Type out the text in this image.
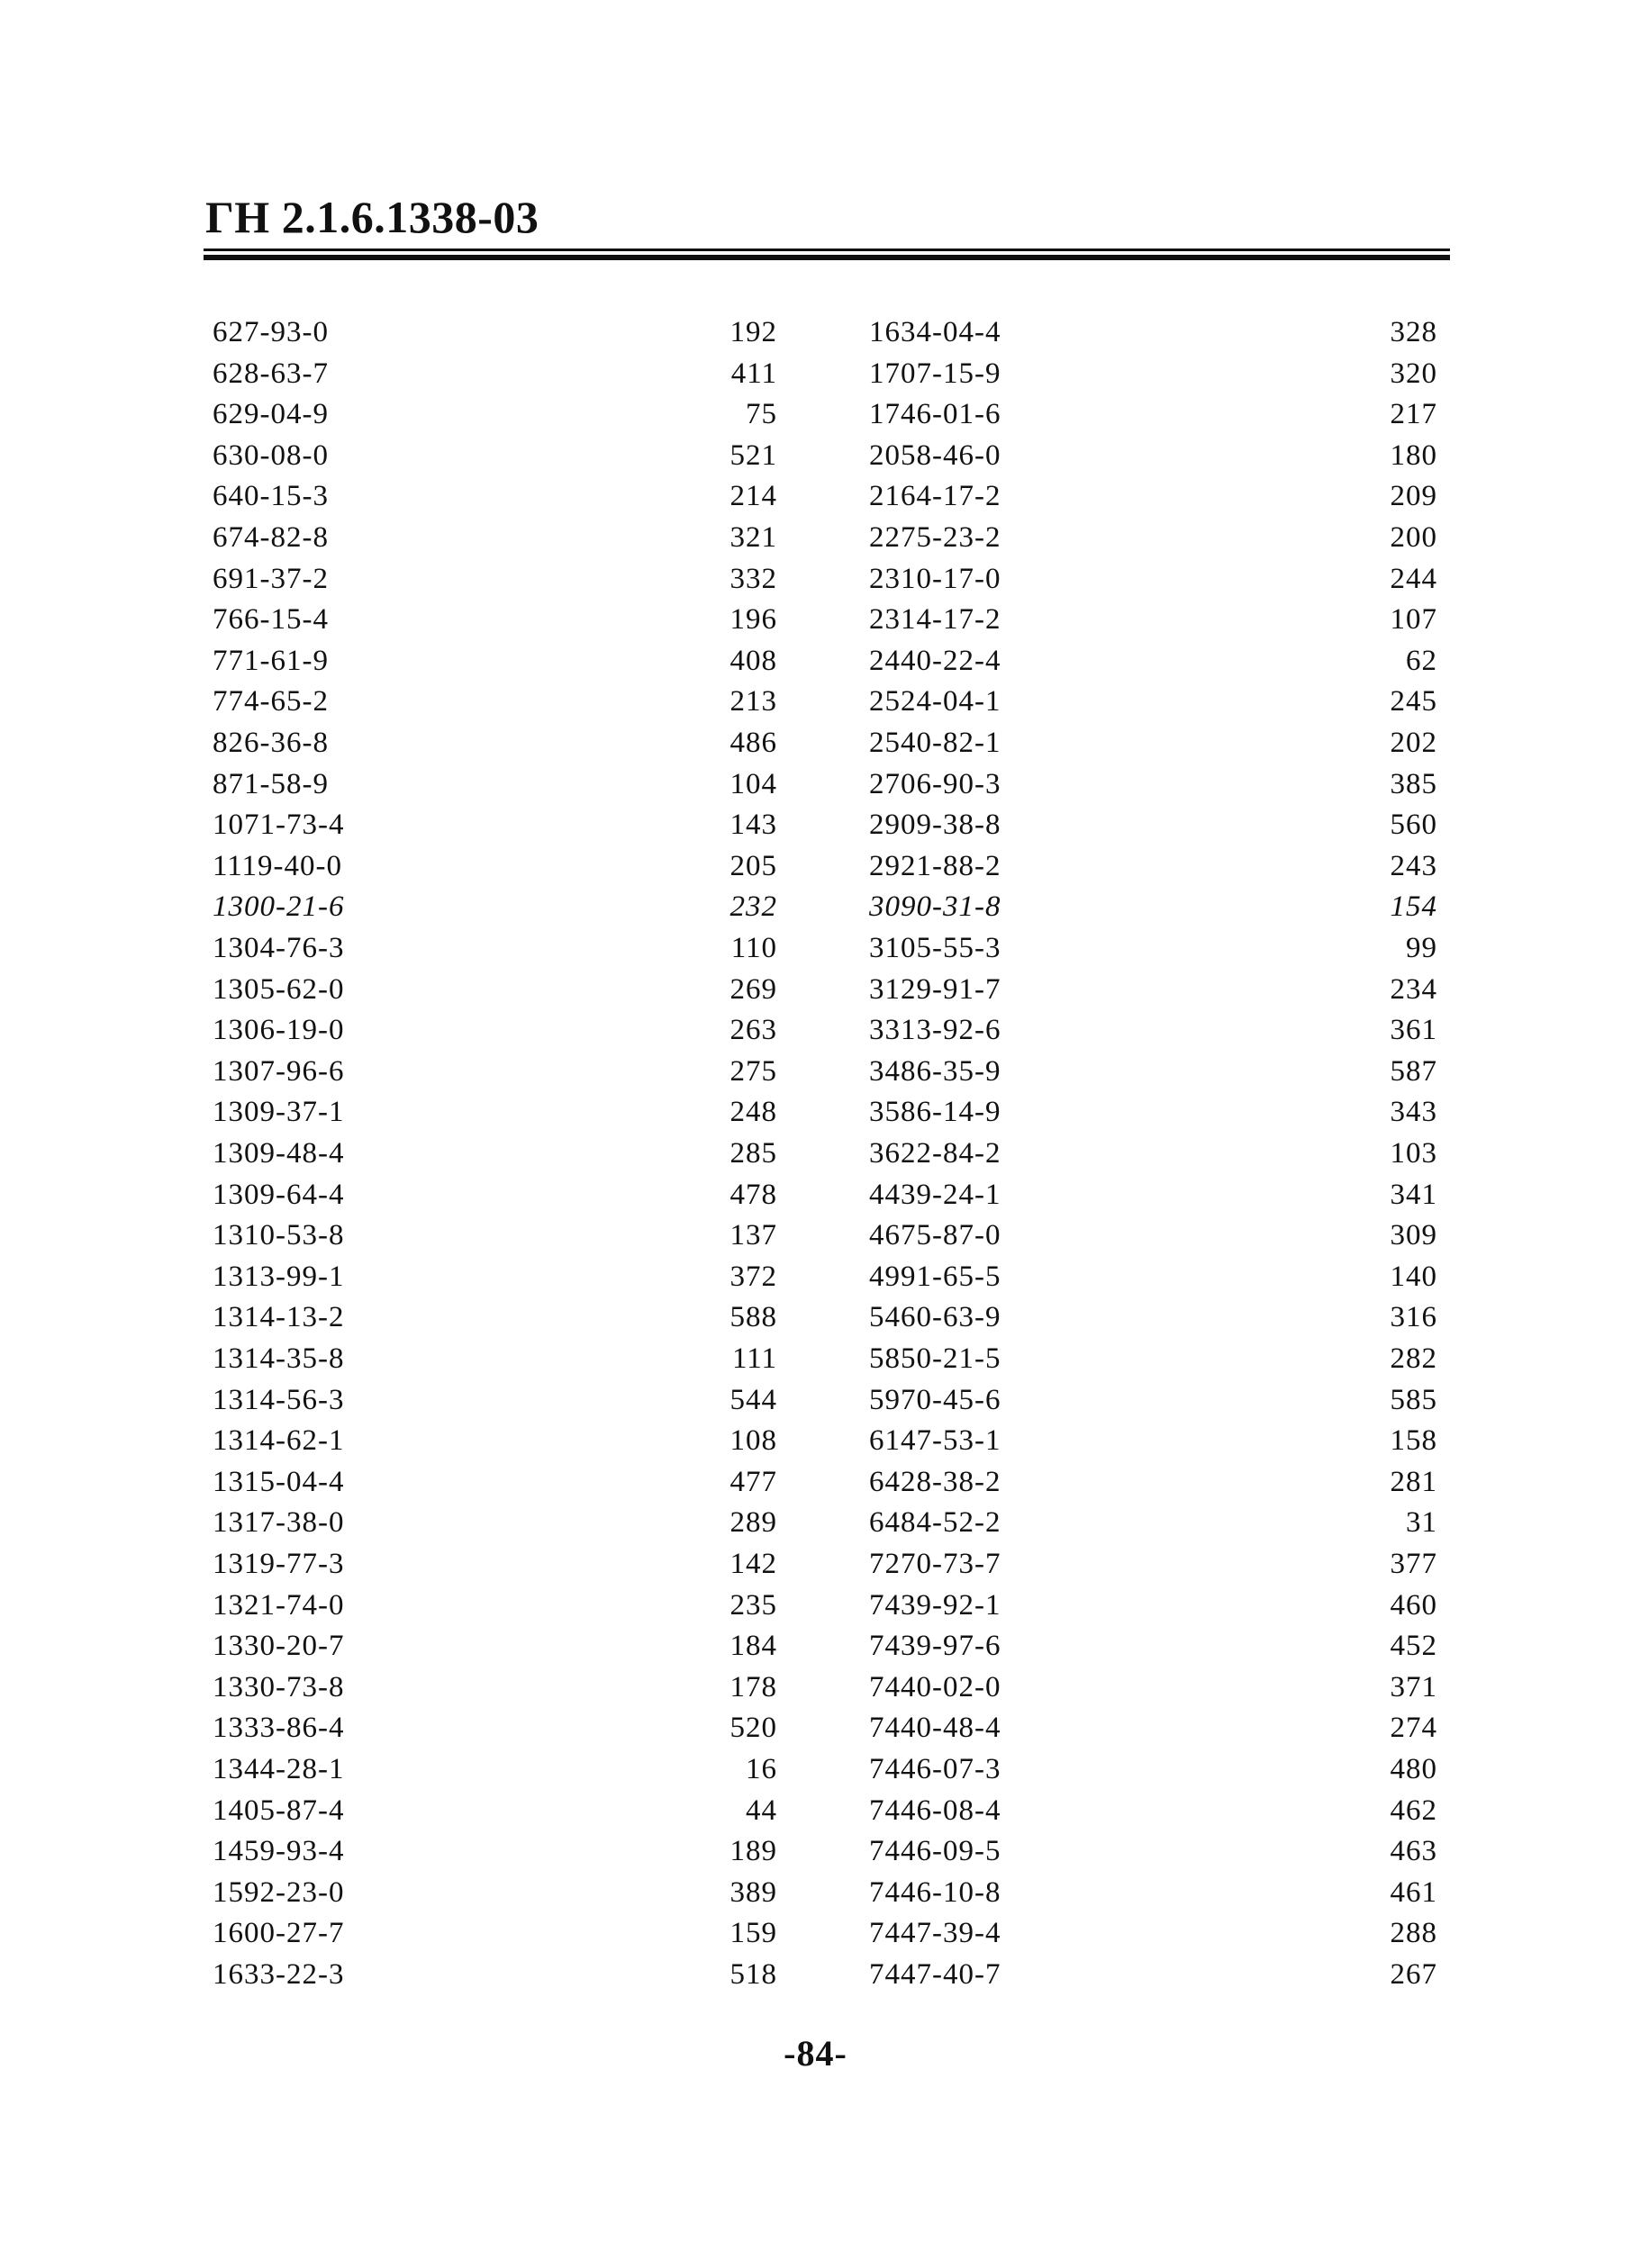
ГН 2.1.6.1338-03
627-93-0	192	1634-04-4	328
628-63-7	411	1707-15-9	320
629-04-9	75	1746-01-6	217
630-08-0	521	2058-46-0	180
640-15-3	214	2164-17-2	209
674-82-8	321	2275-23-2	200
691-37-2	332	2310-17-0	244
766-15-4	196	2314-17-2	107
771-61-9	408	2440-22-4	62
774-65-2	213	2524-04-1	245
826-36-8	486	2540-82-1	202
871-58-9	104	2706-90-3	385
1071-73-4	143	2909-38-8	560
1119-40-0	205	2921-88-2	243
1300-21-6	232	3090-31-8	154
1304-76-3	110	3105-55-3	99
1305-62-0	269	3129-91-7	234
1306-19-0	263	3313-92-6	361
1307-96-6	275	3486-35-9	587
1309-37-1	248	3586-14-9	343
1309-48-4	285	3622-84-2	103
1309-64-4	478	4439-24-1	341
1310-53-8	137	4675-87-0	309
1313-99-1	372	4991-65-5	140
1314-13-2	588	5460-63-9	316
1314-35-8	111	5850-21-5	282
1314-56-3	544	5970-45-6	585
1314-62-1	108	6147-53-1	158
1315-04-4	477	6428-38-2	281
1317-38-0	289	6484-52-2	31
1319-77-3	142	7270-73-7	377
1321-74-0	235	7439-92-1	460
1330-20-7	184	7439-97-6	452
1330-73-8	178	7440-02-0	371
1333-86-4	520	7440-48-4	274
1344-28-1	16	7446-07-3	480
1405-87-4	44	7446-08-4	462
1459-93-4	189	7446-09-5	463
1592-23-0	389	7446-10-8	461
1600-27-7	159	7447-39-4	288
1633-22-3	518	7447-40-7	267
-84-
